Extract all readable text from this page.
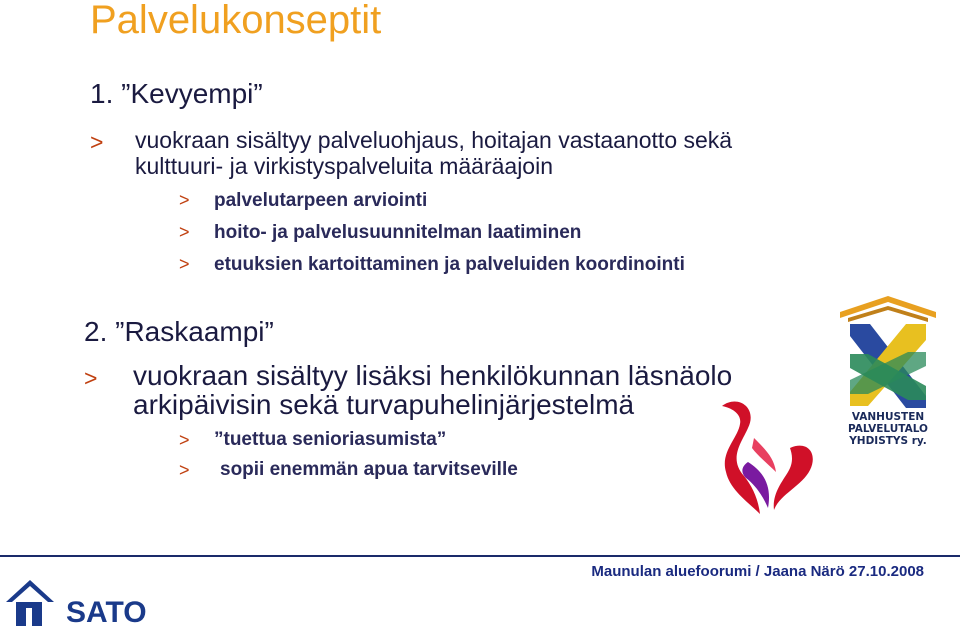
Palvelukonseptit
1. ”Kevyempi”
> vuokraan sisältyy palveluohjaus, hoitajan vastaanotto sekä
kulttuuri- ja virkistyspalveluita määräajoin
> palvelutarpeen arviointi
> hoito- ja palvelusuunnitelman laatiminen
> etuuksien kartoittaminen ja palveluiden koordinointi
2. ”Raskaampi”
> vuokraan sisältyy lisäksi henkilökunnan läsnäolo
arkipäivisin sekä turvapuhelinjärjestelmä
> ”tuettua senioriasumista”
> sopii enemmän apua tarvitseville
VANHUSTEN
PALVELUTALO
YHDISTYS ry.
Maunulan aluefoorumi / Jaana Närö 27.10.2008
SATO
